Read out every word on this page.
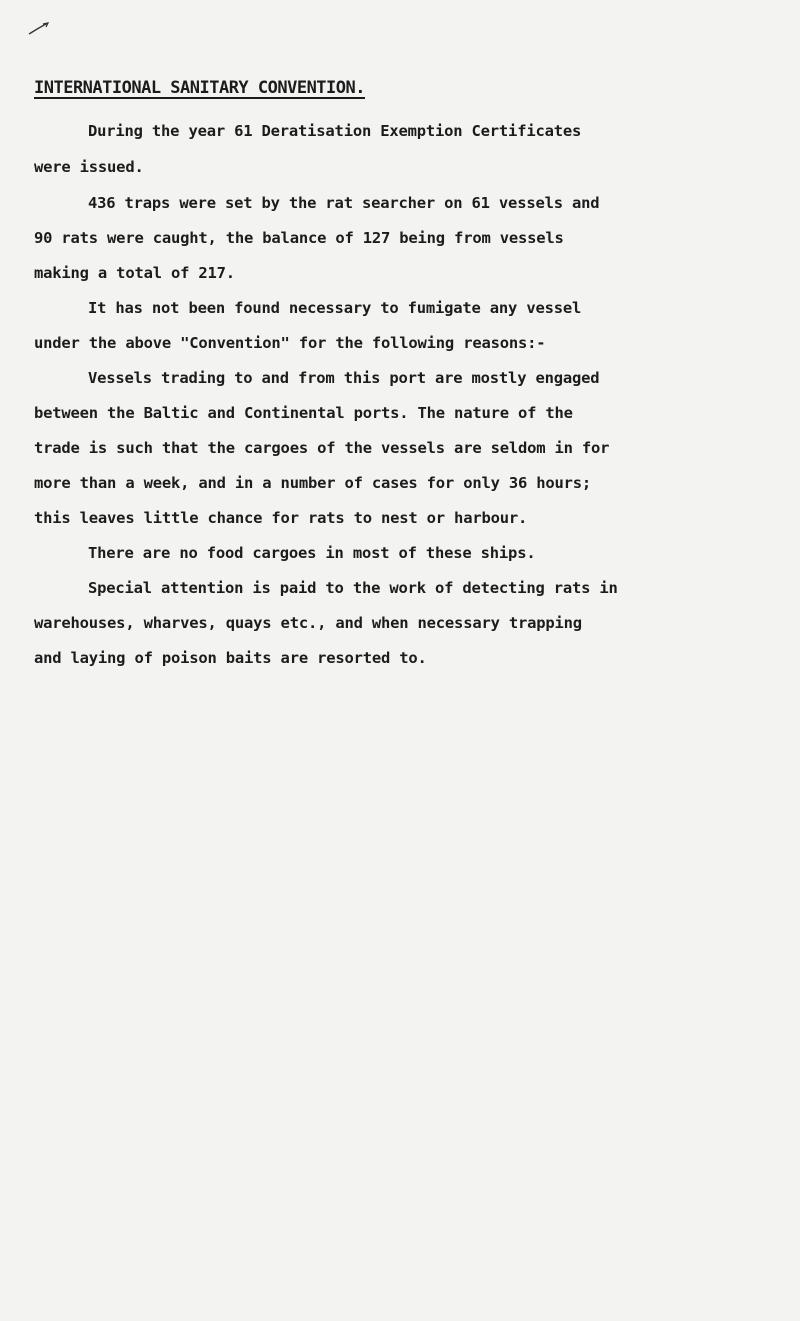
INTERNATIONAL SANITARY CONVENTION.
During the year 61 Deratisation Exemption Certificates
were issued.
436 traps were set by the rat searcher on 61 vessels and
90 rats were caught, the balance of 127 being from vessels
making a total of 217.
It has not been found necessary to fumigate any vessel
under the above "Convention" for the following reasons:-
Vessels trading to and from this port are mostly engaged
between the Baltic and Continental ports. The nature of the
trade is such that the cargoes of the vessels are seldom in for
more than a week, and in a number of cases for only 36 hours;
this leaves little chance for rats to nest or harbour.
There are no food cargoes in most of these ships.
Special attention is paid to the work of detecting rats in
warehouses, wharves, quays etc., and when necessary trapping
and laying of poison baits are resorted to.
